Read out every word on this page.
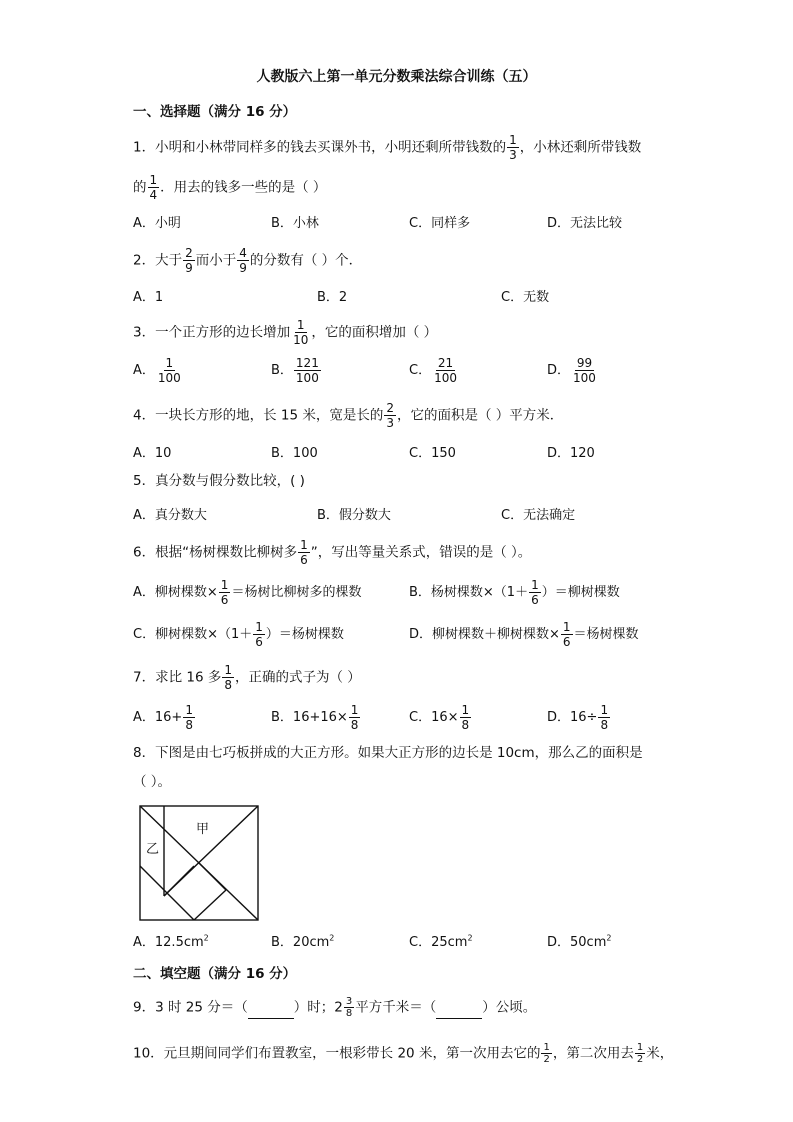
人教版六上第一单元分数乘法综合训练（五）
一、选择题（满分 16 分）
1．小明和小林带同样多的钱去买课外书，小明还剩所带钱数的 $\frac{1}{3}$ ，小林还剩所带钱数
的 $\frac{1}{4}$ ．用去的钱多一些的是（ ）
A．小明	B．小林	C．同样多	D．无法比较
2．大于 $\frac{2}{9}$ 而小于 $\frac{4}{9}$ 的分数有（ ）个．
A．1	B．2	C．无数
3．一个正方形的边长增加 $\frac{1}{10}$ ，它的面积增加（ ）
A． $\frac{1}{100}$	B． $\frac{121}{100}$	C． $\frac{21}{100}$	D． $\frac{99}{100}$
4．一块长方形的地，长 15 米，宽是长的 $\frac{2}{3}$ ，它的面积是（ ）平方米．
A．10	B．100	C．150	D．120
5．真分数与假分数比较，( )
A．真分数大	B．假分数大	C．无法确定
6．根据“杨树棵数比柳树多 $\frac{1}{6}$ ”，写出等量关系式，错误的是（ ）。
A．柳树棵数× $\frac{1}{6}$ ＝杨树比柳树多的棵数	B．杨树棵数$\times(1+ \frac{1}{6}$ ）＝柳树棵数
C．柳树棵数$\times(1+ \frac{1}{6}$ ）＝杨树棵数	D．柳树棵数＋柳树棵数× $\frac{1}{6}$ ＝杨树棵数
7．求比 16 多 $\frac{1}{8}$ ，正确的式子为（ ）
A．$16+ \frac{1}{8}$	B．$16+16\times \frac{1}{8}$	C．$16\times \frac{1}{8}$	D．$16\div \frac{1}{8}$
8．下图是由七巧板拼成的大正方形。如果大正方形的边长是 10cm，那么乙的面积是
（ ）。
甲
乙
A．$12.5cm^2$	B．$20cm^2$	C．$25cm^2$	D．$50cm^2$
二、填空题（满分 16 分）
9．3 时 25 分＝（	）时；$2 \frac{3}{8}$ 平方千米＝（	）公顷。
10．元旦期间同学们布置教室，一根彩带长 20 米，第一次用去它的 $\frac{1}{2}$ ，第二次用去 $\frac{1}{2}$ 米，
